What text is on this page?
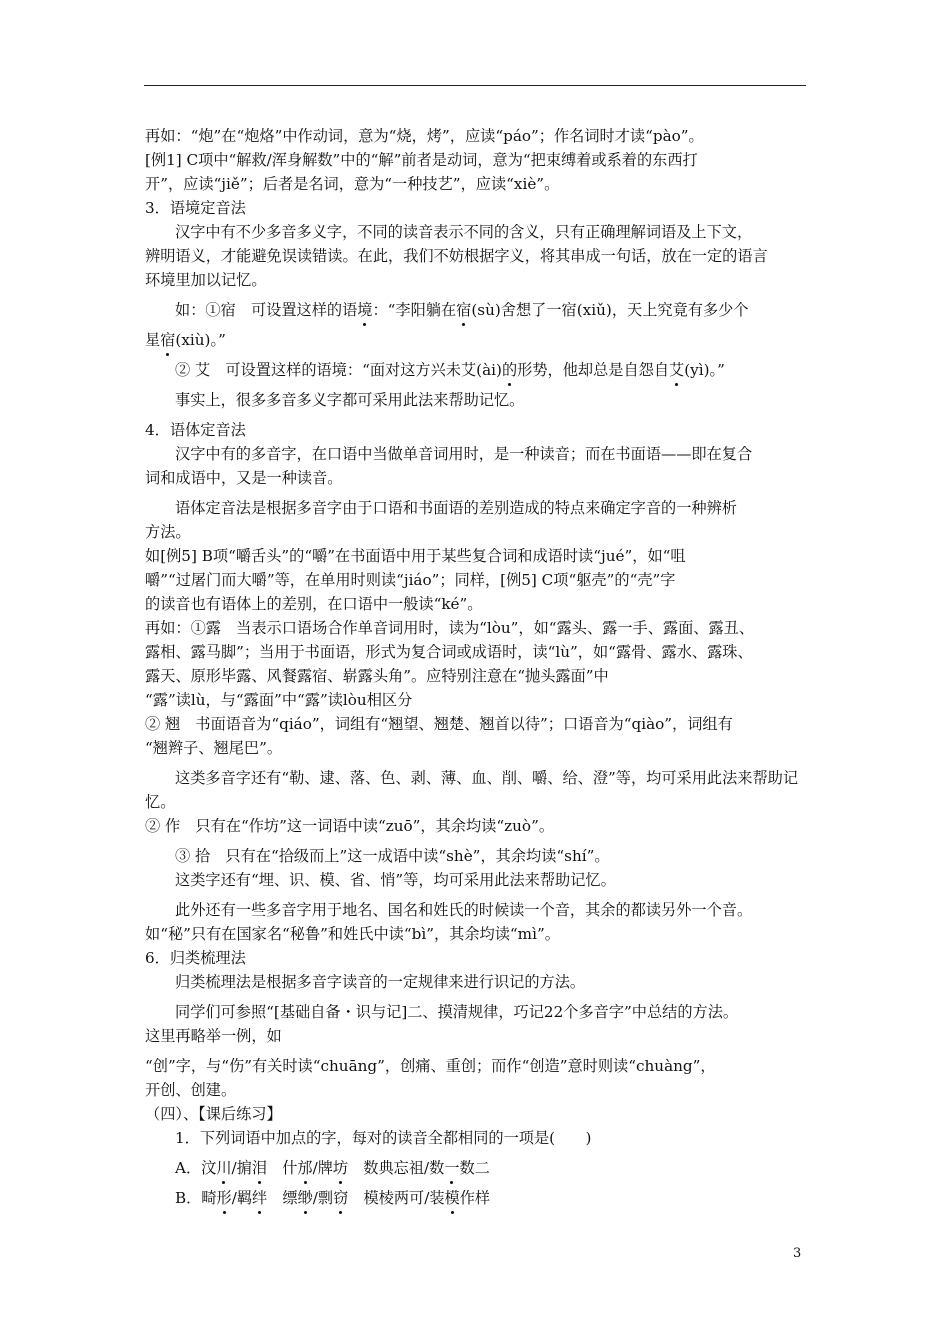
再如：“炮”在“炮烙”中作动词，意为“烧，烤”，应读“páo”；作名词时才读“pào”。
[例1] C项中“解救/浑身解数”中的“解”前者是动词，意为“把束缚着或系着的东西打
开”，应读“jiě”；后者是名词，意为“一种技艺”，应读“xiè”。
3．语境定音法
汉字中有不少多音多义字，不同的读音表示不同的含义，只有正确理解词语及上下文，
辨明语义，才能避免误读错读。在此，我们不妨根据字义，将其串成一句话，放在一定的语言
环境里加以记忆。
如：①宿　 可设置这样的语境：“李阳躺在宿(sù)舍想了一宿(xiǔ)，天上究竟有多少个
星宿(xiù)。”
② 艾　 可设置这样的语境：“面对这方兴未艾(ài)的形势，他却总是自怨自艾(yì)。”
事实上，很多多音多义字都可采用此法来帮助记忆。
4．语体定音法
汉字中有的多音字，在口语中当做单音词用时，是一种读音；而在书面语——即在复合
词和成语中，又是一种读音。
语体定音法是根据多音字由于口语和书面语的差别造成的特点来确定字音的一种辨析
方法。
如[例5] B项“嚼舌头”的“嚼”在书面语中用于某些复合词和成语时读“jué”，如“咀
嚼”“过屠门而大嚼”等，在单用时则读“jiáo”；同样，[例5] C项“躯壳”的“壳”字
的读音也有语体上的差别，在口语中一般读“ké”。
再如：①露　当表示口语场合作单音词用时，读为“lòu”，如“露头、露一手、露面、露丑、
露相、露马脚”；当用于书面语，形式为复合词或成语时，读“lù”，如“露骨、露水、露珠、
露天、原形毕露、风餐露宿、崭露头角”。应特别注意在“抛头露面”中
“露”读lù，与“露面”中“露”读lòu相区分
② 翘　书面语音为“qiáo”，词组有“翘望、翘楚、翘首以待”；口语音为“qiào”，词组有
“翘辫子、翘尾巴”。
这类多音字还有“勒、逮、落、色、剥、薄、血、削、嚼、给、澄”等，均可采用此法来帮助记
忆。
② 作　只有在“作坊”这一词语中读“zuō”，其余均读“zuò”。
③ 拾　只有在“拾级而上”这一成语中读“shè”，其余均读“shí”。
这类字还有“埋、识、模、省、悄”等，均可采用此法来帮助记忆。
此外还有一些多音字用于地名、国名和姓氏的时候读一个音，其余的都读另外一个音。
如“秘”只有在国家名“秘鲁”和姓氏中读“bì”，其余均读“mì”。
6．归类梳理法
归类梳理法是根据多音字读音的一定规律来进行识记的方法。
同学们可参照“[基础自备・识与记]二、摸清规律，巧记22个多音字”中总结的方法。
这里再略举一例，如
“创”字，与“伤”有关时读“chuāng”，创痛、重创；而作“创造”意时则读“chuàng”，
开创、创建。
（四）、【课后练习】
1．下列词语中加点的字，每对的读音全都相同的一项是(　　)
A．汶川/掮泪　 什邡/牌坊　 数典忘祖/数一数二
B．畸形/羁绊　 缥缈/剽窃　 模棱两可/装模作样
3
